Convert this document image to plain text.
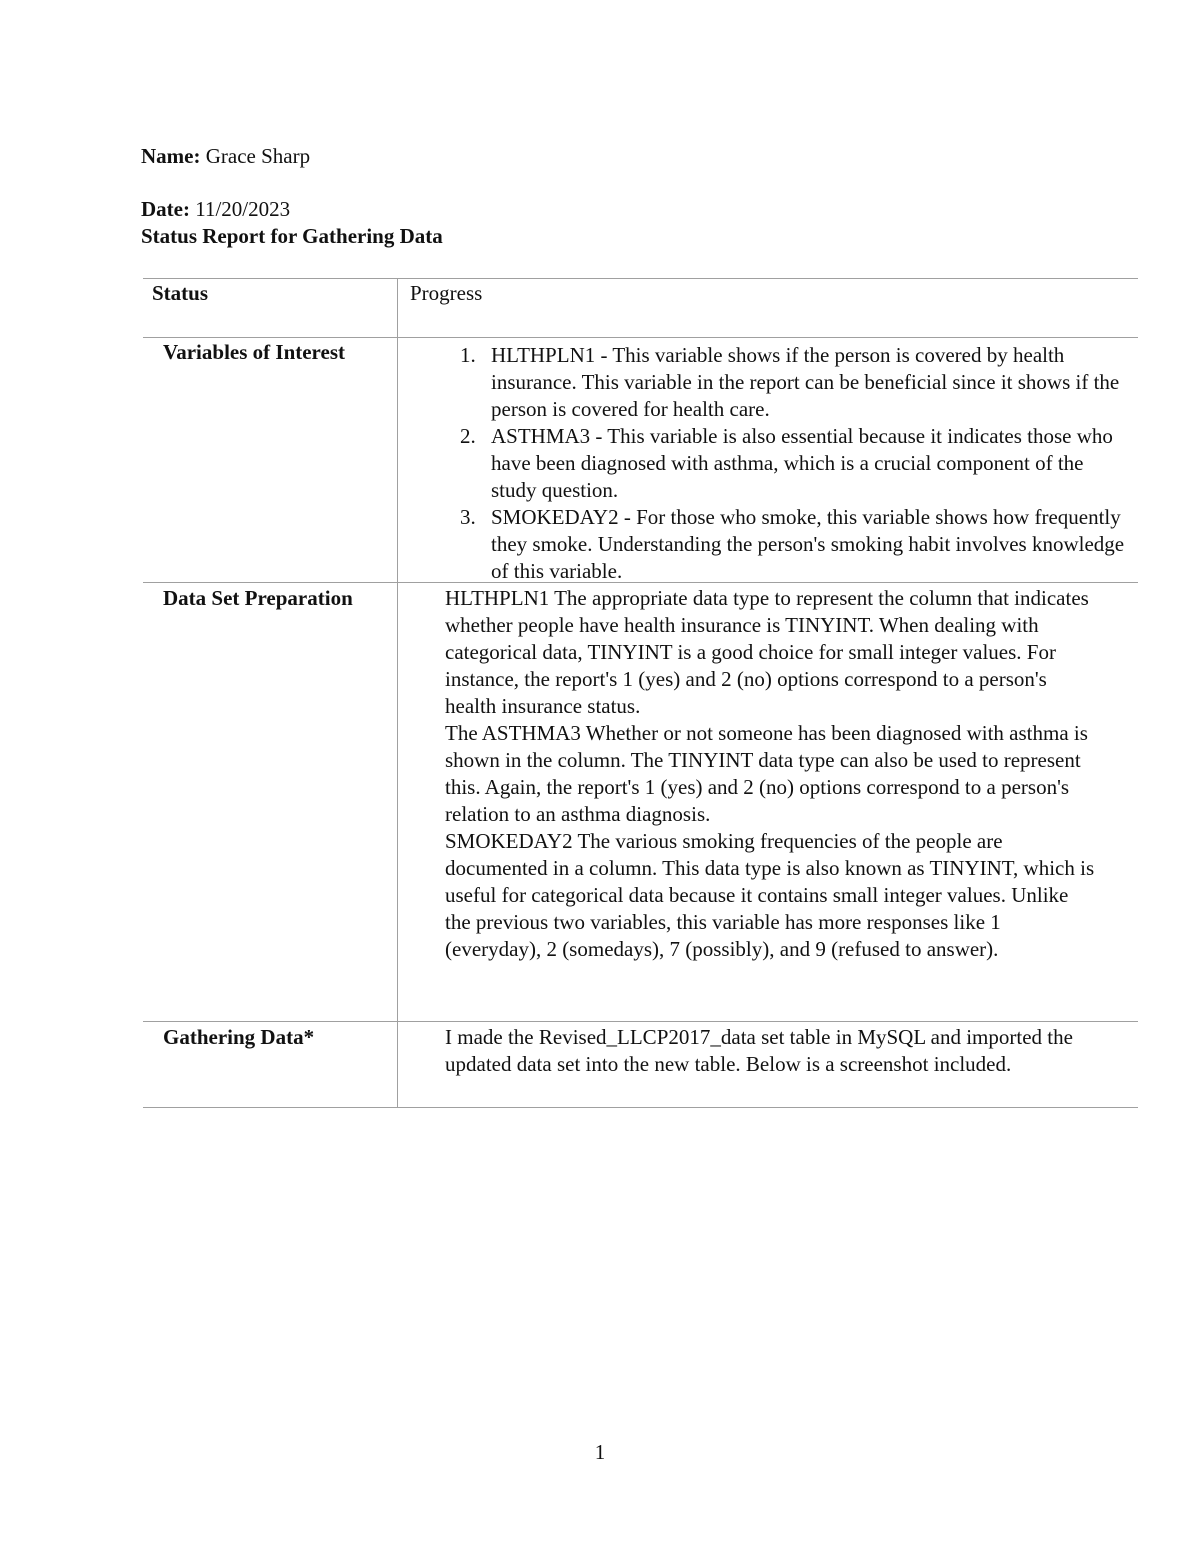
Name: Grace Sharp
Date: 11/20/2023
Status Report for Gathering Data
Status	Progress
Variables of Interest	1. HLTHPLN1 - This variable shows if the person is covered by health insurance. This variable in the report can be beneficial since it shows if the person is covered for health care.
2. ASTHMA3 - This variable is also essential because it indicates those who have been diagnosed with asthma, which is a crucial component of the study question.
3. SMOKEDAY2 - For those who smoke, this variable shows how frequently they smoke. Understanding the person's smoking habit involves knowledge of this variable.
Data Set Preparation	HLTHPLN1 The appropriate data type to represent the column that indicates whether people have health insurance is TINYINT. When dealing with categorical data, TINYINT is a good choice for small integer values. For instance, the report's 1 (yes) and 2 (no) options correspond to a person's health insurance status.

The ASTHMA3 Whether or not someone has been diagnosed with asthma is shown in the column. The TINYINT data type can also be used to represent this. Again, the report's 1 (yes) and 2 (no) options correspond to a person's relation to an asthma diagnosis.

SMOKEDAY2 The various smoking frequencies of the people are documented in a column. This data type is also known as TINYINT, which is useful for categorical data because it contains small integer values. Unlike the previous two variables, this variable has more responses like 1 (everyday), 2 (somedays), 7 (possibly), and 9 (refused to answer).

Gathering Data*	I made the Revised_LLCP2017_data set table in MySQL and imported the updated data set into the new table. Below is a screenshot included.
1
